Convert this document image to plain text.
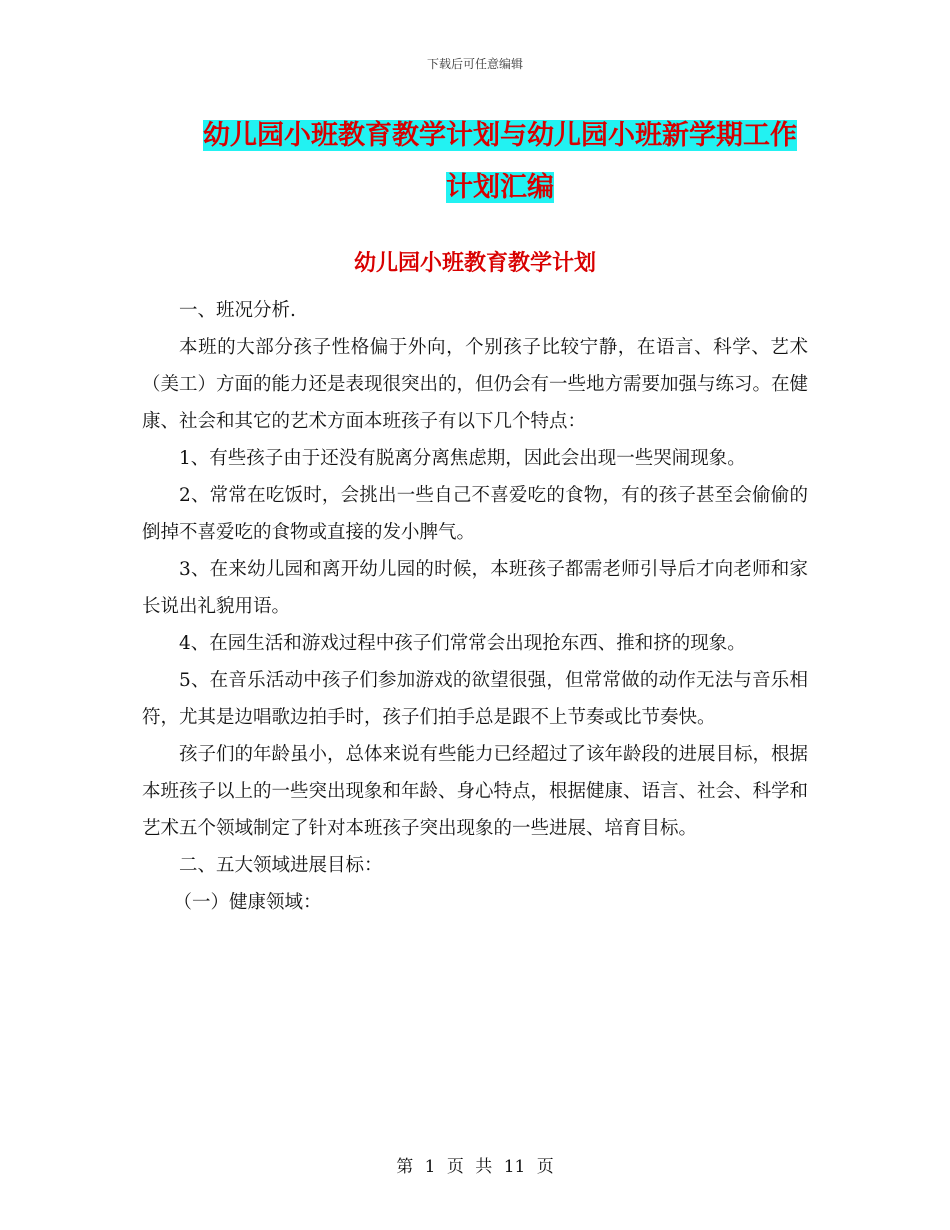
下载后可任意编辑
幼儿园小班教育教学计划与幼儿园小班新学期工作计划汇编
幼儿园小班教育教学计划

一、班况分析.

本班的大部分孩子性格偏于外向，个别孩子比较宁静，在语言、科学、艺术（美工）方面的能力还是表现很突出的，但仍会有一些地方需要加强与练习。在健康、社会和其它的艺术方面本班孩子有以下几个特点：

1、有些孩子由于还没有脱离分离焦虑期，因此会出现一些哭闹现象。

2、常常在吃饭时，会挑出一些自己不喜爱吃的食物，有的孩子甚至会偷偷的倒掉不喜爱吃的食物或直接的发小脾气。

3、在来幼儿园和离开幼儿园的时候，本班孩子都需老师引导后才向老师和家长说出礼貌用语。

4、在园生活和游戏过程中孩子们常常会出现抢东西、推和挤的现象。

5、在音乐活动中孩子们参加游戏的欲望很强，但常常做的动作无法与音乐相符，尤其是边唱歌边拍手时，孩子们拍手总是跟不上节奏或比节奏快。

孩子们的年龄虽小，总体来说有些能力已经超过了该年龄段的进展目标，根据本班孩子以上的一些突出现象和年龄、身心特点，根据健康、语言、社会、科学和艺术五个领域制定了针对本班孩子突出现象的一些进展、培育目标。

二、五大领域进展目标：

（一）健康领域：

第 1 页 共 11 页
